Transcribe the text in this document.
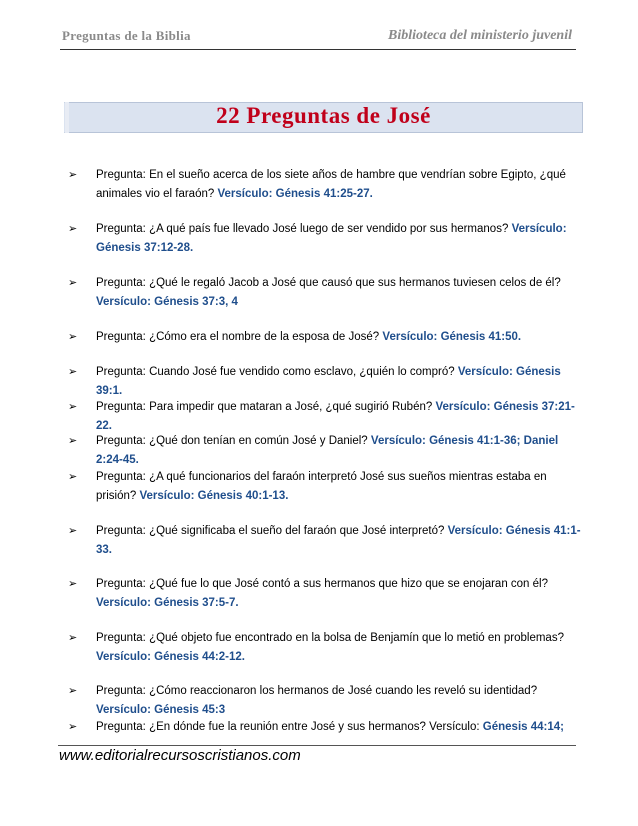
Preguntas de la Biblia	Biblioteca del ministerio juvenil
22 Preguntas de José
➢ Pregunta: En el sueño acerca de los siete años de hambre que vendrían sobre Egipto, ¿qué animales vio el faraón? Versículo: Génesis 41:25-27.
➢ Pregunta: ¿A qué país fue llevado José luego de ser vendido por sus hermanos? Versículo: Génesis 37:12-28.
➢ Pregunta: ¿Qué le regaló Jacob a José que causó que sus hermanos tuviesen celos de él? Versículo: Génesis 37:3, 4
➢ Pregunta: ¿Cómo era el nombre de la esposa de José? Versículo: Génesis 41:50.
➢ Pregunta: Cuando José fue vendido como esclavo, ¿quién lo compró? Versículo: Génesis 39:1.
➢ Pregunta: Para impedir que mataran a José, ¿qué sugirió Rubén? Versículo: Génesis 37:21- 22.
➢ Pregunta: ¿Qué don tenían en común José y Daniel? Versículo: Génesis 41:1-36; Daniel 2:24-45.
➢ Pregunta: ¿A qué funcionarios del faraón interpretó José sus sueños mientras estaba en prisión? Versículo: Génesis 40:1-13.
➢ Pregunta: ¿Qué significaba el sueño del faraón que José interpretó? Versículo: Génesis 41:1-33.
➢ Pregunta: ¿Qué fue lo que José contó a sus hermanos que hizo que se enojaran con él? Versículo: Génesis 37:5-7.
➢ Pregunta: ¿Qué objeto fue encontrado en la bolsa de Benjamín que lo metió en problemas? Versículo: Génesis 44:2-12.
➢ Pregunta: ¿Cómo reaccionaron los hermanos de José cuando les reveló su identidad? Versículo: Génesis 45:3
➢ Pregunta: ¿En dónde fue la reunión entre José y sus hermanos? Versículo: Génesis 44:14;
www.editorialrecursoscristianos.com
